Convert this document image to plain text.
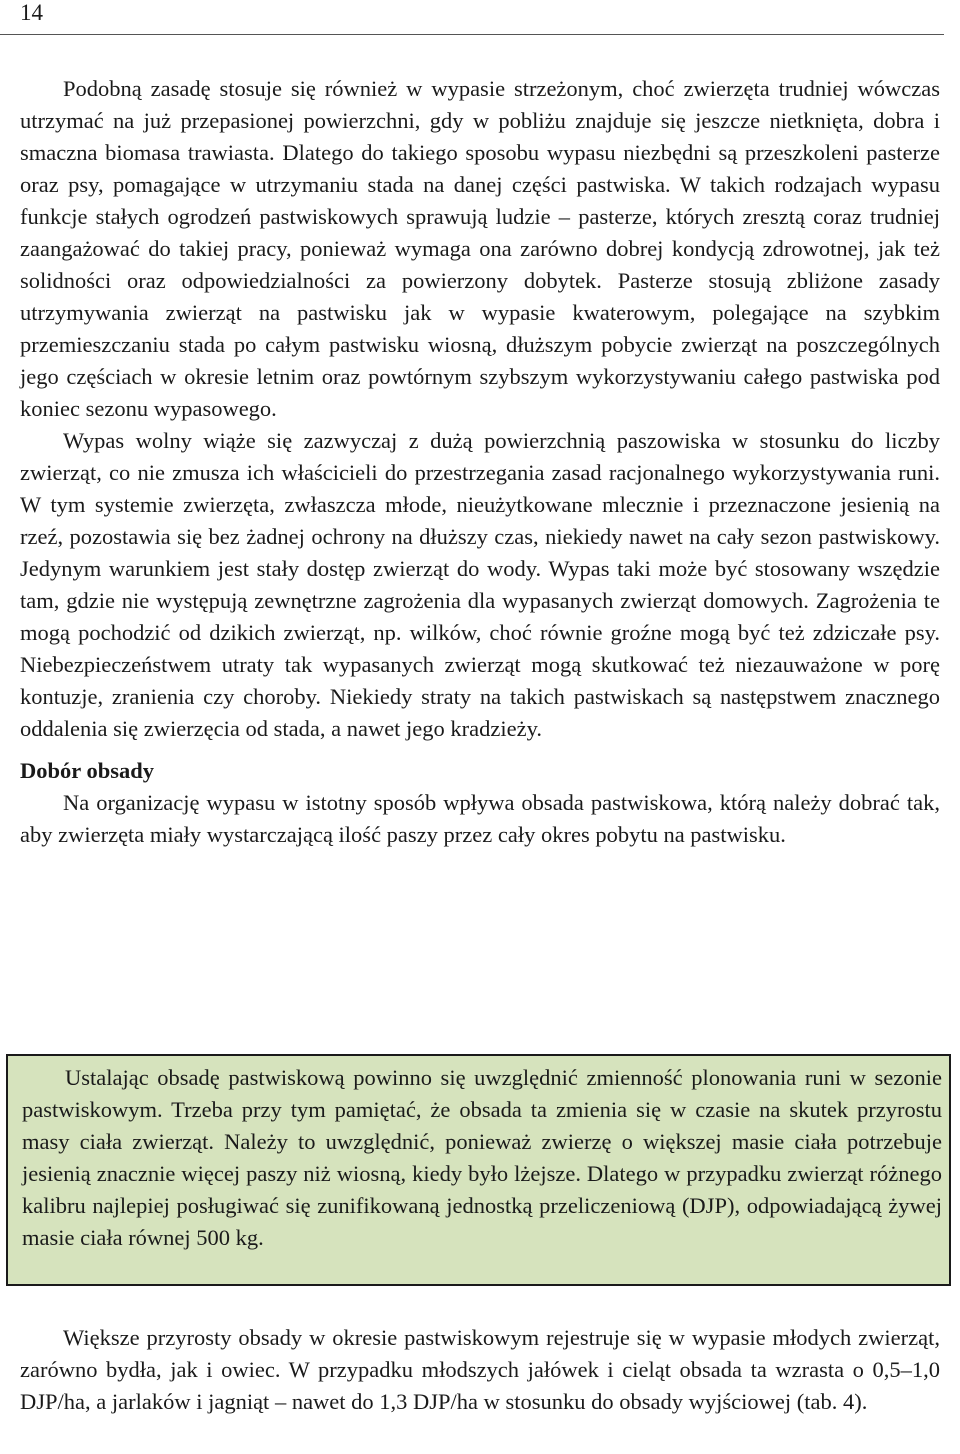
14

Podobną zasadę stosuje się również w wypasie strzeżonym, choć zwierzęta trudniej wówczas utrzymać na już przepasionej powierzchni, gdy w pobliżu znajduje się jeszcze nietknięta, dobra i smaczna biomasa trawiasta. Dlatego do takiego sposobu wypasu niezbędni są przeszkoleni pasterze oraz psy, pomagające w utrzymaniu stada na danej części pastwiska. W takich rodzajach wypasu funkcje stałych ogrodzeń pastwiskowych sprawują ludzie – pasterze, których zresztą coraz trudniej zaangażować do takiej pracy, ponieważ wymaga ona zarówno dobrej kondycją zdrowotnej, jak też solidności oraz odpowiedzialności za powierzony dobytek. Pasterze stosują zbliżone zasady utrzymywania zwierząt na pastwisku jak w wypasie kwaterowym, polegające na szybkim przemieszczaniu stada po całym pastwisku wiosną, dłuższym pobycie zwierząt na poszczególnych jego częściach w okresie letnim oraz powtórnym szybszym wykorzystywaniu całego pastwiska pod koniec sezonu wypasowego.

Wypas wolny wiąże się zazwyczaj z dużą powierzchnią paszowiska w stosunku do liczby zwierząt, co nie zmusza ich właścicieli do przestrzegania zasad racjonalnego wykorzystywania runi. W tym systemie zwierzęta, zwłaszcza młode, nieużytkowane mlecznie i przeznaczone jesienią na rzeź, pozostawia się bez żadnej ochrony na dłuższy czas, niekiedy nawet na cały sezon pastwiskowy. Jedynym warunkiem jest stały dostęp zwierząt do wody. Wypas taki może być stosowany wszędzie tam, gdzie nie występują zewnętrzne zagrożenia dla wypasanych zwierząt domowych. Zagrożenia te mogą pochodzić od dzikich zwierząt, np. wilków, choć równie groźne mogą być też zdziczałe psy. Niebezpieczeństwem utraty tak wypasanych zwierząt mogą skutkować też niezauważone w porę kontuzje, zranienia czy choroby. Niekiedy straty na takich pastwiskach są następstwem znacznego oddalenia się zwierzęcia od stada, a nawet jego kradzieży.

Dobór obsady

Na organizację wypasu w istotny sposób wpływa obsada pastwiskowa, którą należy dobrać tak, aby zwierzęta miały wystarczającą ilość paszy przez cały okres pobytu na pastwisku.

Ustalając obsadę pastwiskową powinno się uwzględnić zmienność plonowania runi w sezonie pastwiskowym. Trzeba przy tym pamiętać, że obsada ta zmienia się w czasie na skutek przyrostu masy ciała zwierząt. Należy to uwzględnić, ponieważ zwierzę o większej masie ciała potrzebuje jesienią znacznie więcej paszy niż wiosną, kiedy było lżejsze. Dlatego w przypadku zwierząt różnego kalibru najlepiej posługiwać się zunifikowaną jednostką przeliczeniową (DJP), odpowiadającą żywej masie ciała równej 500 kg.

Większe przyrosty obsady w okresie pastwiskowym rejestruje się w wypasie młodych zwierząt, zarówno bydła, jak i owiec. W przypadku młodszych jałówek i cieląt obsada ta wzrasta o 0,5–1,0 DJP/ha, a jarlaków i jagniąt – nawet do 1,3 DJP/ha w stosunku do obsady wyjściowej (tab. 4).
